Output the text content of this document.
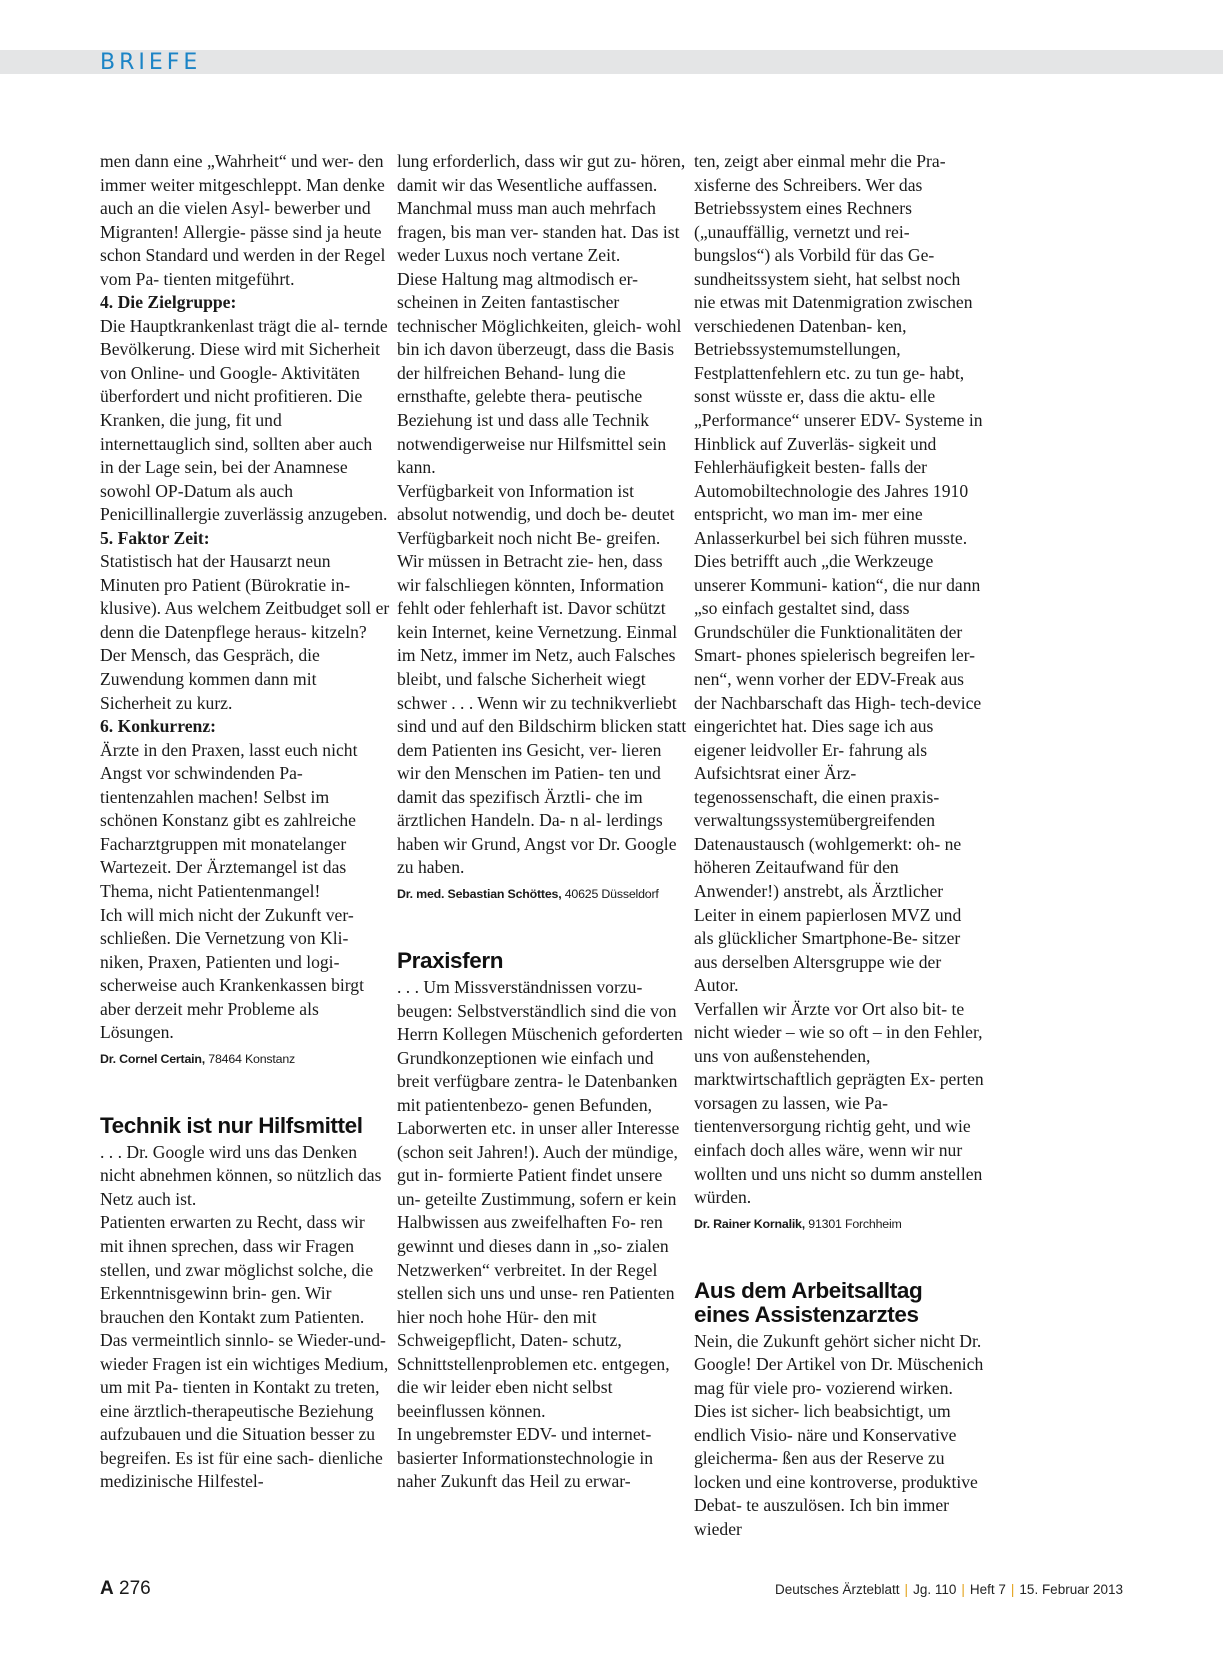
BRIEFE

men dann eine „Wahrheit“ und wer- den immer weiter mitgeschleppt. Man denke auch an die vielen Asyl- bewerber und Migranten! Allergie- pässe sind ja heute schon Standard und werden in der Regel vom Pa- tienten mitgeführt.

4. Die Zielgruppe:

Die Hauptkrankenlast trägt die al- ternde Bevölkerung. Diese wird mit Sicherheit von Online- und Google- Aktivitäten überfordert und nicht profitieren. Die Kranken, die jung, fit und internettauglich sind, sollten aber auch in der Lage sein, bei der Anamnese sowohl OP-Datum als auch Penicillinallergie zuverlässig anzugeben.

5. Faktor Zeit:

Statistisch hat der Hausarzt neun Minuten pro Patient (Bürokratie in- klusive). Aus welchem Zeitbudget soll er denn die Datenpflege heraus- kitzeln? Der Mensch, das Gespräch, die Zuwendung kommen dann mit Sicherheit zu kurz.

6. Konkurrenz:

Ärzte in den Praxen, lasst euch nicht Angst vor schwindenden Pa- tientenzahlen machen! Selbst im schönen Konstanz gibt es zahlreiche Facharztgruppen mit monatelanger Wartezeit. Der Ärztemangel ist das Thema, nicht Patientenmangel!

Ich will mich nicht der Zukunft ver- schließen. Die Vernetzung von Kli- niken, Praxen, Patienten und logi- scherweise auch Krankenkassen birgt aber derzeit mehr Probleme als Lösungen.

Dr. Cornel Certain, 78464 Konstanz

Technik ist nur Hilfsmittel

. . . Dr. Google wird uns das Denken nicht abnehmen können, so nützlich das Netz auch ist.

Patienten erwarten zu Recht, dass wir mit ihnen sprechen, dass wir Fragen stellen, und zwar möglichst solche, die Erkenntnisgewinn brin- gen. Wir brauchen den Kontakt zum Patienten. Das vermeintlich sinnlo- se Wieder-und-wieder Fragen ist ein wichtiges Medium, um mit Pa- tienten in Kontakt zu treten, eine ärztlich-therapeutische Beziehung aufzubauen und die Situation besser zu begreifen. Es ist für eine sach- dienliche medizinische Hilfestel-

lung erforderlich, dass wir gut zu- hören, damit wir das Wesentliche auffassen. Manchmal muss man auch mehrfach fragen, bis man ver- standen hat. Das ist weder Luxus noch vertane Zeit.

Diese Haltung mag altmodisch er- scheinen in Zeiten fantastischer technischer Möglichkeiten, gleich- wohl bin ich davon überzeugt, dass die Basis der hilfreichen Behand- lung die ernsthafte, gelebte thera- peutische Beziehung ist und dass alle Technik notwendigerweise nur Hilfsmittel sein kann.

Verfügbarkeit von Information ist absolut notwendig, und doch be- deutet Verfügbarkeit noch nicht Be- greifen. Wir müssen in Betracht zie- hen, dass wir falschliegen könnten, Information fehlt oder fehlerhaft ist. Davor schützt kein Internet, keine Vernetzung. Einmal im Netz, immer im Netz, auch Falsches bleibt, und falsche Sicherheit wiegt schwer . . . Wenn wir zu technikverliebt sind und auf den Bildschirm blicken statt dem Patienten ins Gesicht, ver- lieren wir den Menschen im Patien- ten und damit das spezifisch Ärztli- che im ärztlichen Handeln. Da- n al- lerdings haben wir Grund, Angst vor Dr. Google zu haben.

Dr. med. Sebastian Schöttes, 40625 Düsseldorf

Praxisfern

. . . Um Missverständnissen vorzu- beugen: Selbstverständlich sind die von Herrn Kollegen Müschenich geforderten Grundkonzeptionen wie einfach und breit verfügbare zentra- le Datenbanken mit patientenbezo- genen Befunden, Laborwerten etc. in unser aller Interesse (schon seit Jahren!). Auch der mündige, gut in- formierte Patient findet unsere un- geteilte Zustimmung, sofern er kein Halbwissen aus zweifelhaften Fo- ren gewinnt und dieses dann in „so- zialen Netzwerken“ verbreitet. In der Regel stellen sich uns und unse- ren Patienten hier noch hohe Hür- den mit Schweigepflicht, Daten- schutz, Schnittstellenproblemen etc. entgegen, die wir leider eben nicht selbst beeinflussen können.

In ungebremster EDV- und internet- basierter Informationstechnologie in naher Zukunft das Heil zu erwar-

ten, zeigt aber einmal mehr die Pra- xisferne des Schreibers. Wer das Betriebssystem eines Rechners („unauffällig, vernetzt und rei- bungslos“) als Vorbild für das Ge- sundheitssystem sieht, hat selbst noch nie etwas mit Datenmigration zwischen verschiedenen Datenban- ken, Betriebssystemumstellungen, Festplattenfehlern etc. zu tun ge- habt, sonst wüsste er, dass die aktu- elle „Performance“ unserer EDV- Systeme in Hinblick auf Zuverläs- sigkeit und Fehlerhäufigkeit besten- falls der Automobiltechnologie des Jahres 1910 entspricht, wo man im- mer eine Anlasserkurbel bei sich führen musste. Dies betrifft auch „die Werkzeuge unserer Kommuni- kation“, die nur dann „so einfach gestaltet sind, dass Grundschüler die Funktionalitäten der Smart- phones spielerisch begreifen ler- nen“, wenn vorher der EDV-Freak aus der Nachbarschaft das High- tech-device eingerichtet hat. Dies sage ich aus eigener leidvoller Er- fahrung als Aufsichtsrat einer Ärz- tegenossenschaft, die einen praxis- verwaltungssystemübergreifenden Datenaustausch (wohlgemerkt: oh- ne höheren Zeitaufwand für den Anwender!) anstrebt, als Ärztlicher Leiter in einem papierlosen MVZ und als glücklicher Smartphone-Be- sitzer aus derselben Altersgruppe wie der Autor.

Verfallen wir Ärzte vor Ort also bit- te nicht wieder – wie so oft – in den Fehler, uns von außenstehenden, marktwirtschaftlich geprägten Ex- perten vorsagen zu lassen, wie Pa- tientenversorgung richtig geht, und wie einfach doch alles wäre, wenn wir nur wollten und uns nicht so dumm anstellen würden.

Dr. Rainer Kornalik, 91301 Forchheim

Aus dem Arbeitsalltag
eines Assistenzarztes

Nein, die Zukunft gehört sicher nicht Dr. Google! Der Artikel von Dr. Müschenich mag für viele pro- vozierend wirken. Dies ist sicher- lich beabsichtigt, um endlich Visio- näre und Konservative gleicherma- ßen aus der Reserve zu locken und eine kontroverse, produktive Debat- te auszulösen. Ich bin immer wieder

A 276	Deutsches Ärzteblatt | Jg. 110 | Heft 7 | 15. Februar 2013
